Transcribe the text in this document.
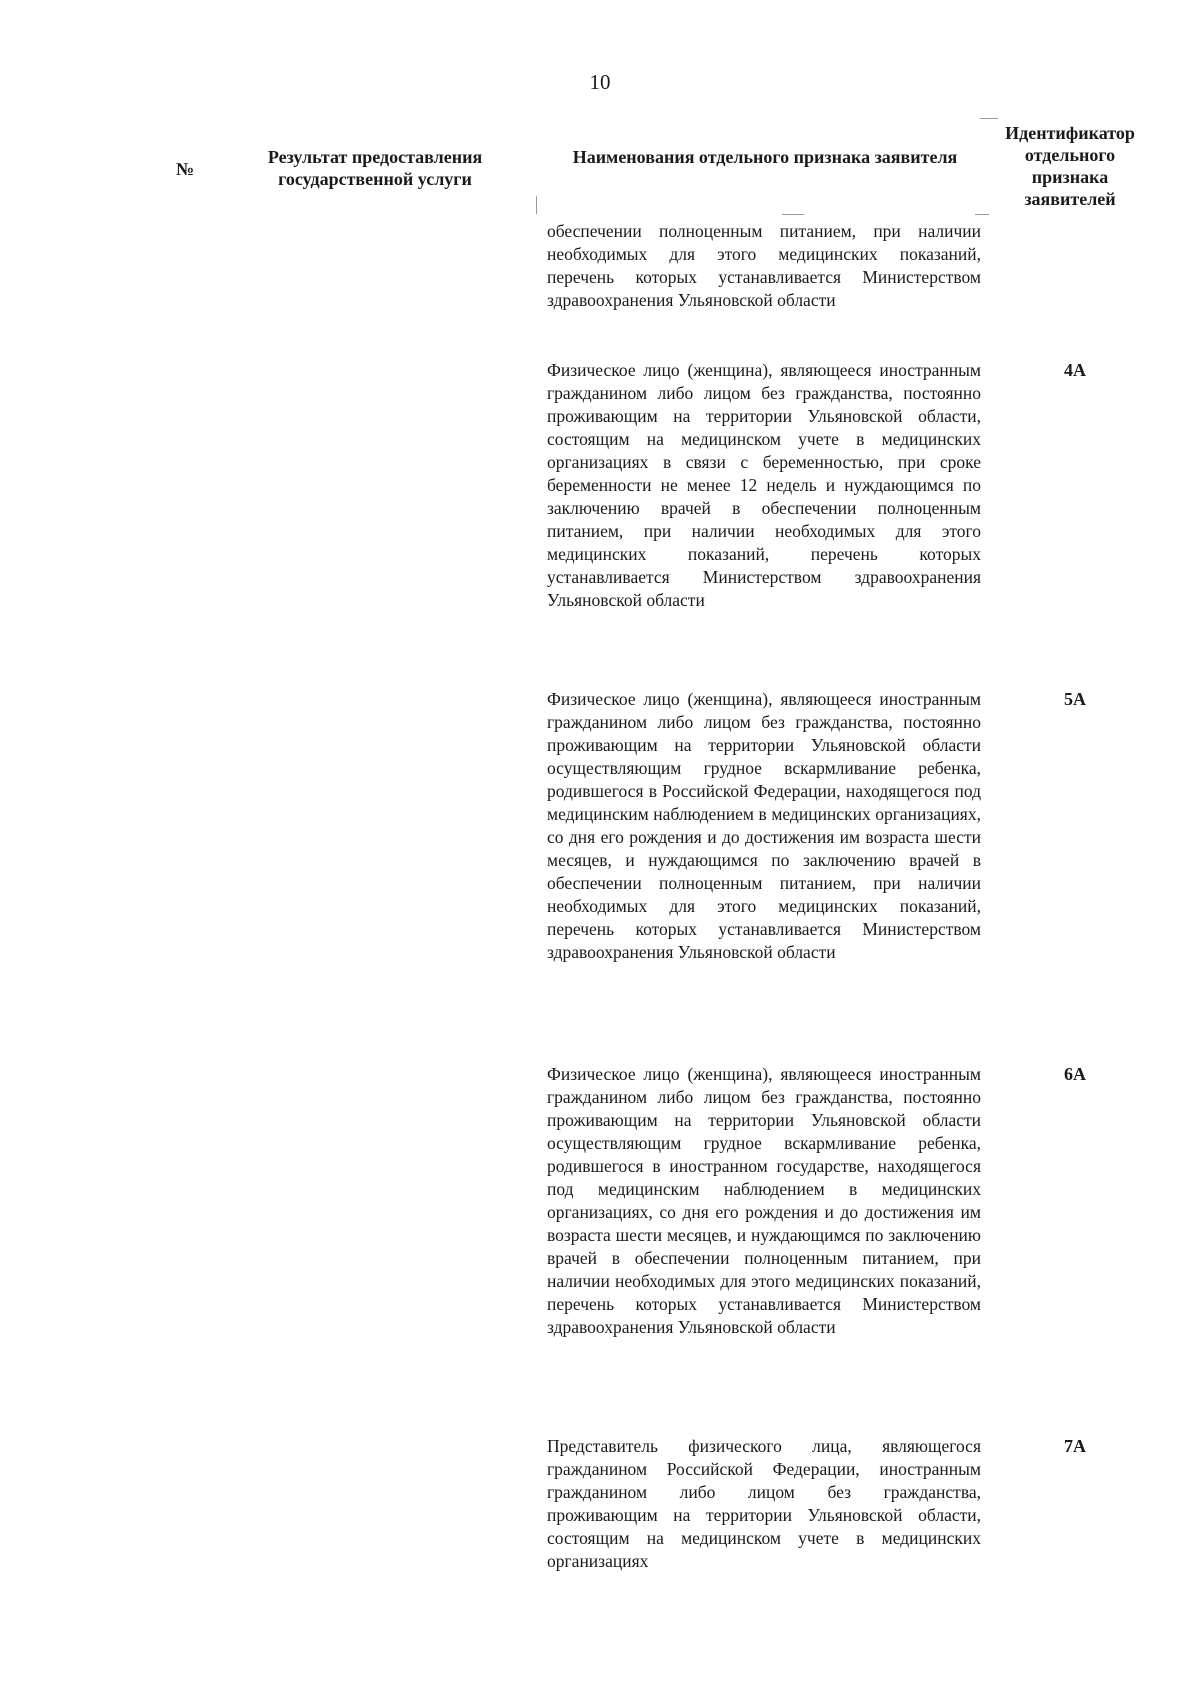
10
№
Результат предоставления государственной услуги
Наименования отдельного признака заявителя
Идентификатор отдельного признака заявителей

обеспечении полноценным питанием, при наличии необходимых для этого медицинских показаний, перечень которых устанавливается Министерством здравоохранения Ульяновской области

Физическое лицо (женщина), являющееся иностранным гражданином либо лицом без гражданства, постоянно проживающим на территории Ульяновской области, состоящим на медицинском учете в медицинских организациях в связи с беременностью, при сроке беременности не менее 12 недель и нуждающимся по заключению врачей в обеспечении полноценным питанием, при наличии необходимых для этого медицинских показаний, перечень которых устанавливается Министерством здравоохранения Ульяновской области

4А

Физическое лицо (женщина), являющееся иностранным гражданином либо лицом без гражданства, постоянно проживающим на территории Ульяновской области осуществляющим грудное вскармливание ребенка, родившегося в Российской Федерации, находящегося под медицинским наблюдением в медицинских организациях, со дня его рождения и до достижения им возраста шести месяцев, и нуждающимся по заключению врачей в обеспечении полноценным питанием, при наличии необходимых для этого медицинских показаний, перечень которых устанавливается Министерством здравоохранения Ульяновской области

5А

Физическое лицо (женщина), являющееся иностранным гражданином либо лицом без гражданства, постоянно проживающим на территории Ульяновской области осуществляющим грудное вскармливание ребенка, родившегося в иностранном государстве, находящегося под медицинским наблюдением в медицинских организациях, со дня его рождения и до достижения им возраста шести месяцев, и нуждающимся по заключению врачей в обеспечении полноценным питанием, при наличии необходимых для этого медицинских показаний, перечень которых устанавливается Министерством здравоохранения Ульяновской области

6А

Представитель физического лица, являющегося гражданином Российской Федерации, иностранным гражданином либо лицом без гражданства, проживающим на территории Ульяновской области, состоящим на медицинском учете в медицинских организациях

7А
